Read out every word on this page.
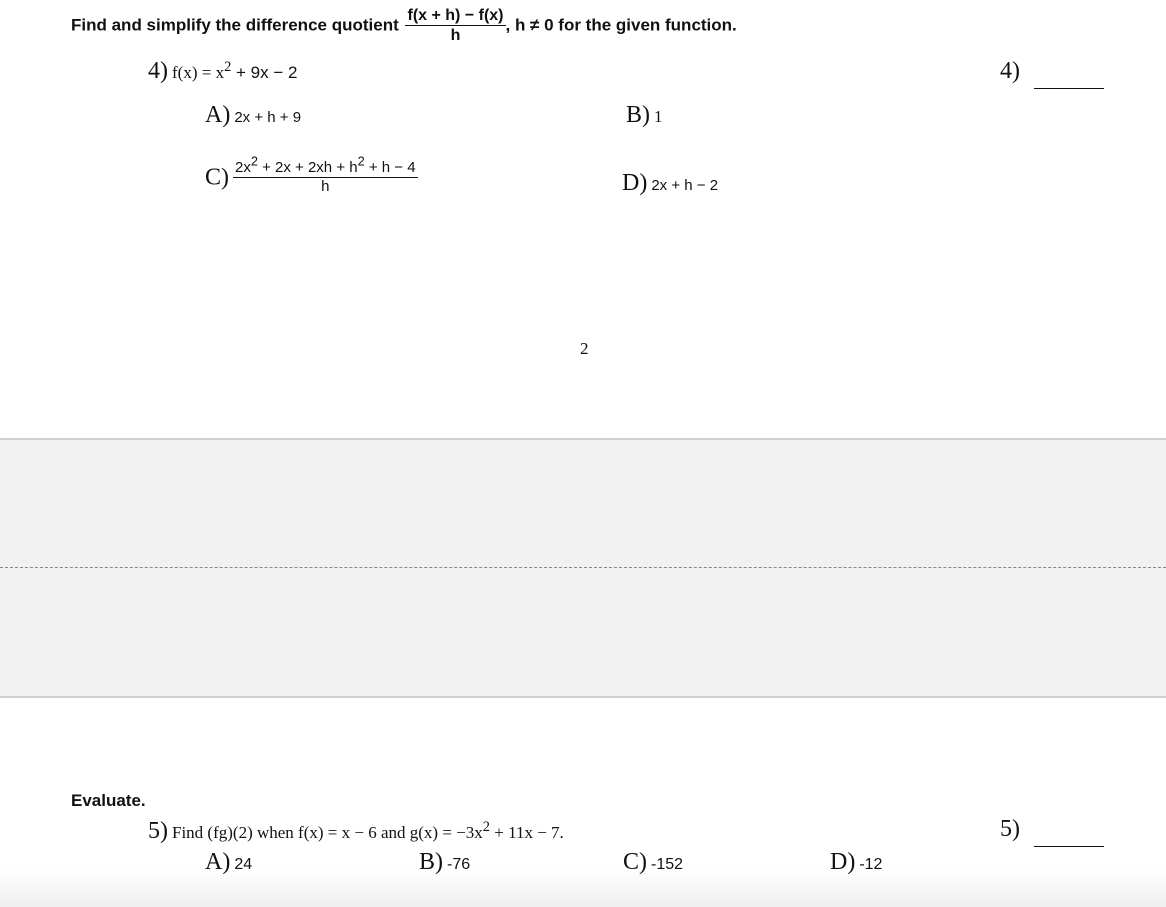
Find and simplify the difference quotient $\frac{f(x + h) - f(x)}{h}$ , h ≠ 0 for the given function.
4) $f(x) = x^2 + 9x - 2$	4)
A) 2x + h + 9	B) 1
$C) \frac{2x^2 + 2x + 2xh + h^2 + h - 4}{h}$	D) 2x + h − 2
2
Evaluate.
5) Find (fg)(2) when f(x) = x − 6 and $g(x) = -3x^2 + 11x - 7$.	5)
A) 24	B) -76	C) -152	D) -12
